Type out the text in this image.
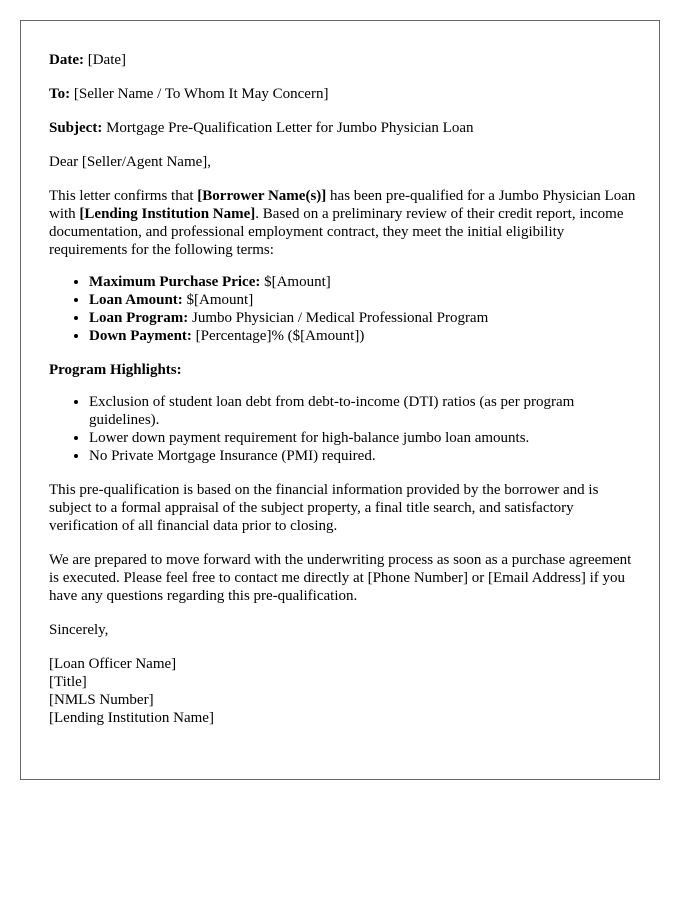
Date: [Date]

To: [Seller Name / To Whom It May Concern]

Subject: Mortgage Pre-Qualification Letter for Jumbo Physician Loan

Dear [Seller/Agent Name],

This letter confirms that [Borrower Name(s)] has been pre-qualified for a Jumbo Physician Loan with [Lending Institution Name]. Based on a preliminary review of their credit report, income documentation, and professional employment contract, they meet the initial eligibility requirements for the following terms:

• Maximum Purchase Price: $[Amount]
• Loan Amount: $[Amount]
• Loan Program: Jumbo Physician / Medical Professional Program
• Down Payment: [Percentage]% ($[Amount])

Program Highlights:

• Exclusion of student loan debt from debt-to-income (DTI) ratios (as per program guidelines).
• Lower down payment requirement for high-balance jumbo loan amounts.
• No Private Mortgage Insurance (PMI) required.

This pre-qualification is based on the financial information provided by the borrower and is subject to a formal appraisal of the subject property, a final title search, and satisfactory verification of all financial data prior to closing.

We are prepared to move forward with the underwriting process as soon as a purchase agreement is executed. Please feel free to contact me directly at [Phone Number] or [Email Address] if you have any questions regarding this pre-qualification.

Sincerely,

[Loan Officer Name]
[Title]
[NMLS Number]
[Lending Institution Name]
